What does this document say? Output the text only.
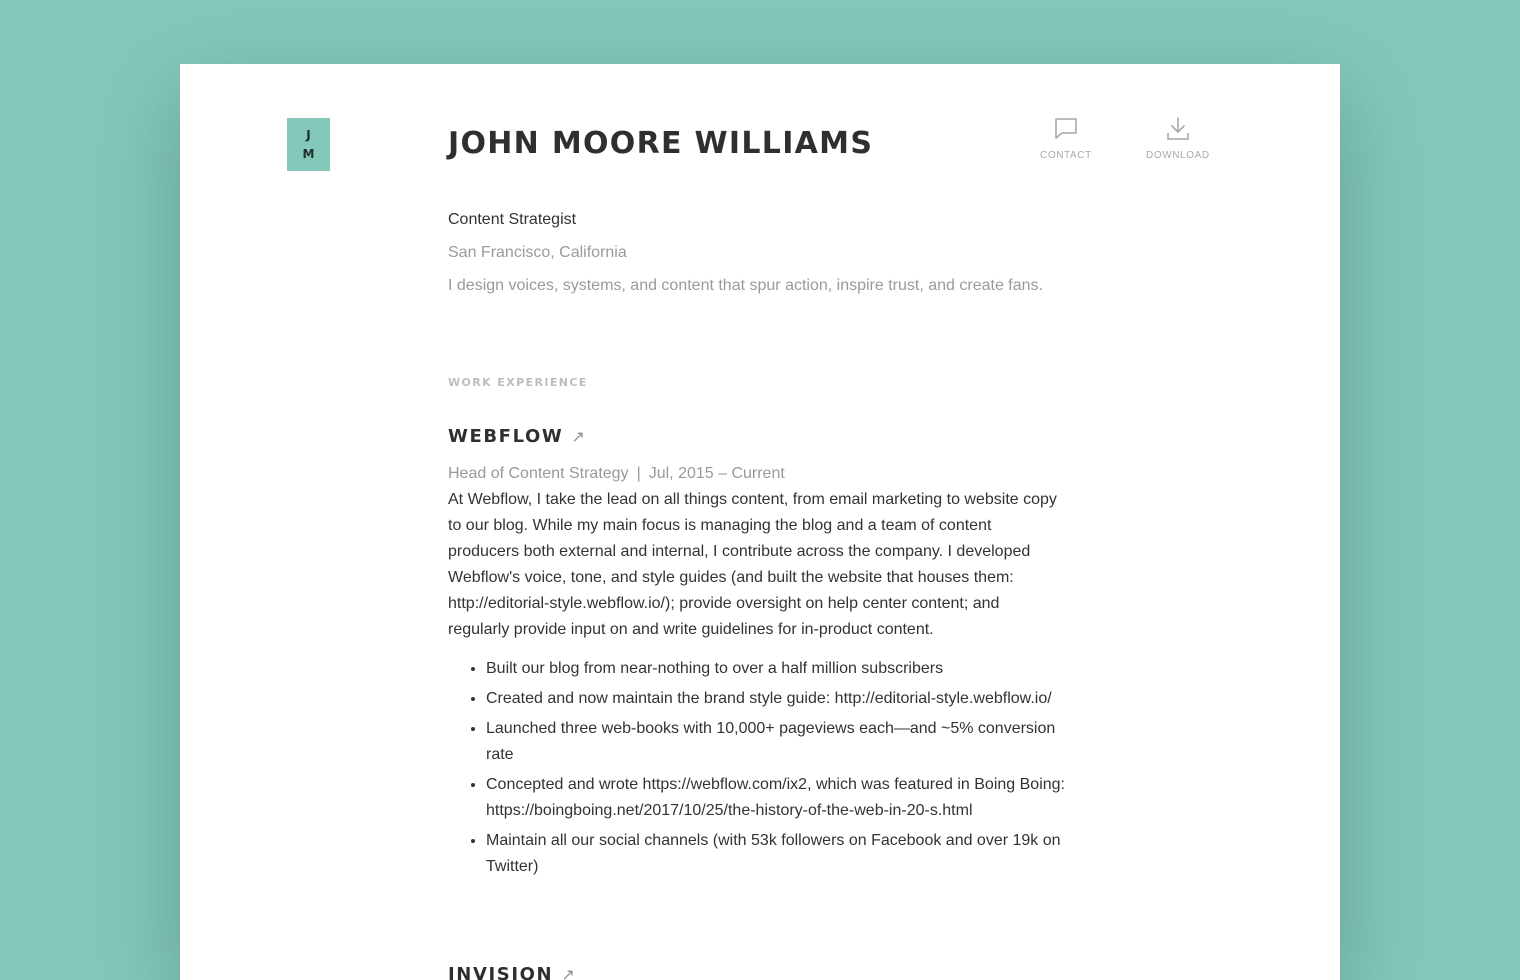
J
M	JOHN MOORE WILLIAMS	CONTACT	DOWNLOAD
Content Strategist
San Francisco, California
I design voices, systems, and content that spur action, inspire trust, and create fans.
WORK EXPERIENCE
WEBFLOW ↗
Head of Content Strategy | Jul, 2015 – Current

At Webflow, I take the lead on all things content, from email marketing to website copy to our blog. While my main focus is managing the blog and a team of content producers both external and internal, I contribute across the company. I developed Webflow's voice, tone, and style guides (and built the website that houses them: http://editorial-style.webflow.io/); provide oversight on help center content; and regularly provide input on and write guidelines for in-product content.

• Built our blog from near-nothing to over a half million subscribers
• Created and now maintain the brand style guide: http://editorial-style.webflow.io/
• Launched three web-books with 10,000+ pageviews each—and ~5% conversion rate
• Concepted and wrote https://webflow.com/ix2, which was featured in Boing Boing: https://boingboing.net/2017/10/25/the-history-of-the-web-in-20-s.html
• Maintain all our social channels (with 53k followers on Facebook and over 19k on Twitter)
INVISION ↗
